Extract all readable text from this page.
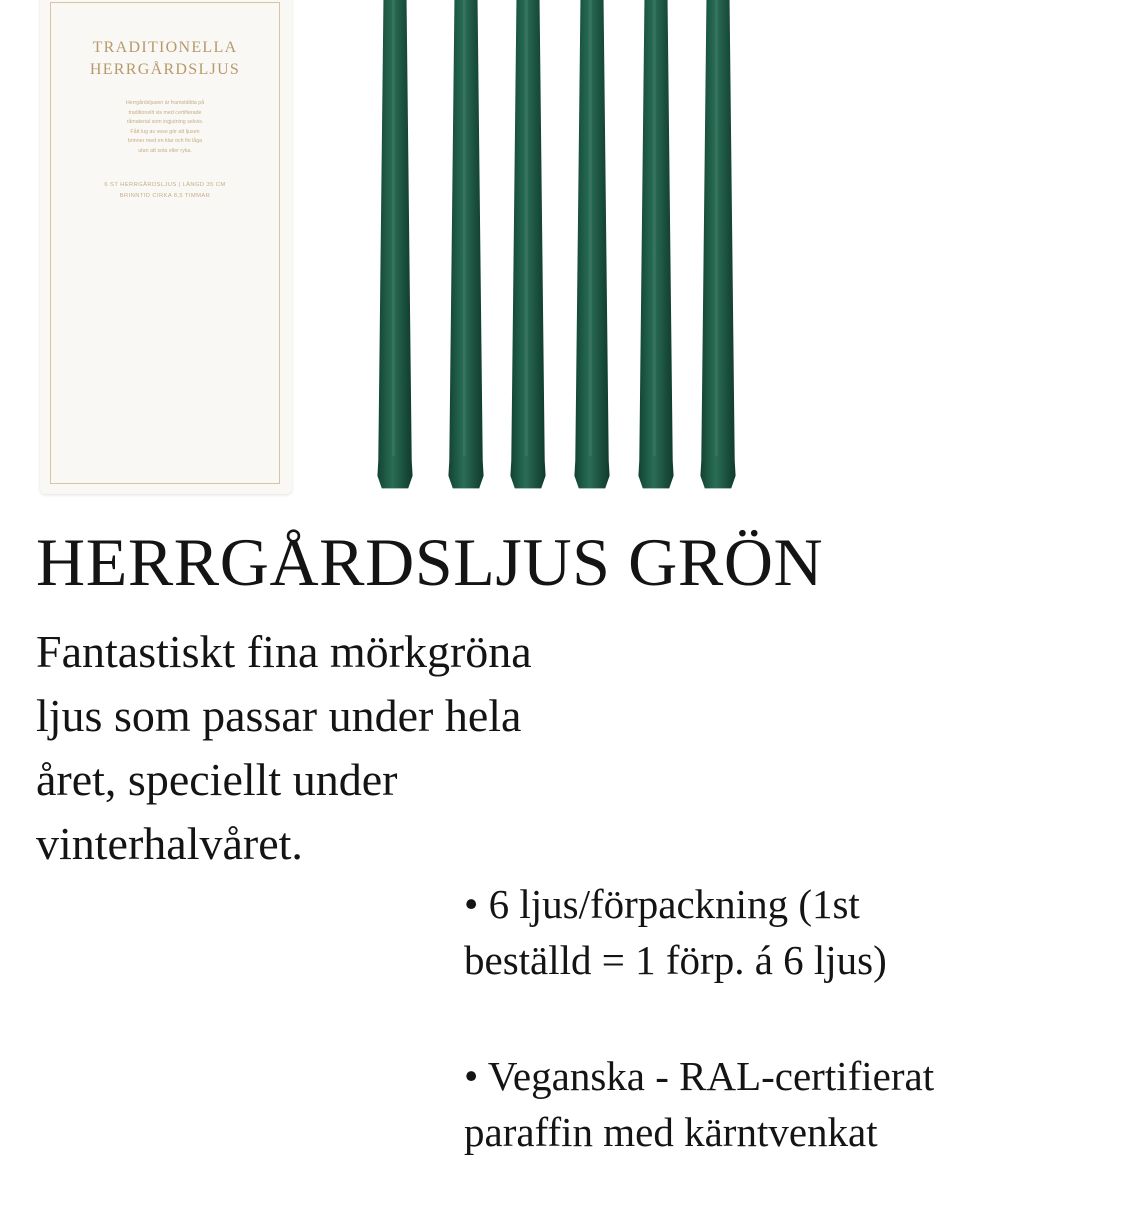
TRADITIONELLA
HERRGÅRDSLJUS
Herrgårdsljusen är framställda på
traditionellt vis med certifierade
råmaterial som ingjutning sekvis.
Fått lug av vese gör att ljusen
brinner med en klar och fin låga
utan att sota eller ryka.
6 ST HERRGÅRDSLJUS | LÄNGD 35 CM
BRINNTID CIRKA 8,5 TIMMAR
HERRGÅRDSLJUS GRÖN

Fantastiskt fina mörkgröna
ljus som passar under hela
året, speciellt under
vinterhalvåret.

• 6 ljus/förpackning (1st
beställd = 1 förp. á 6 ljus)
• Veganska - RAL-certifierat
paraffin med kärntvenkat
